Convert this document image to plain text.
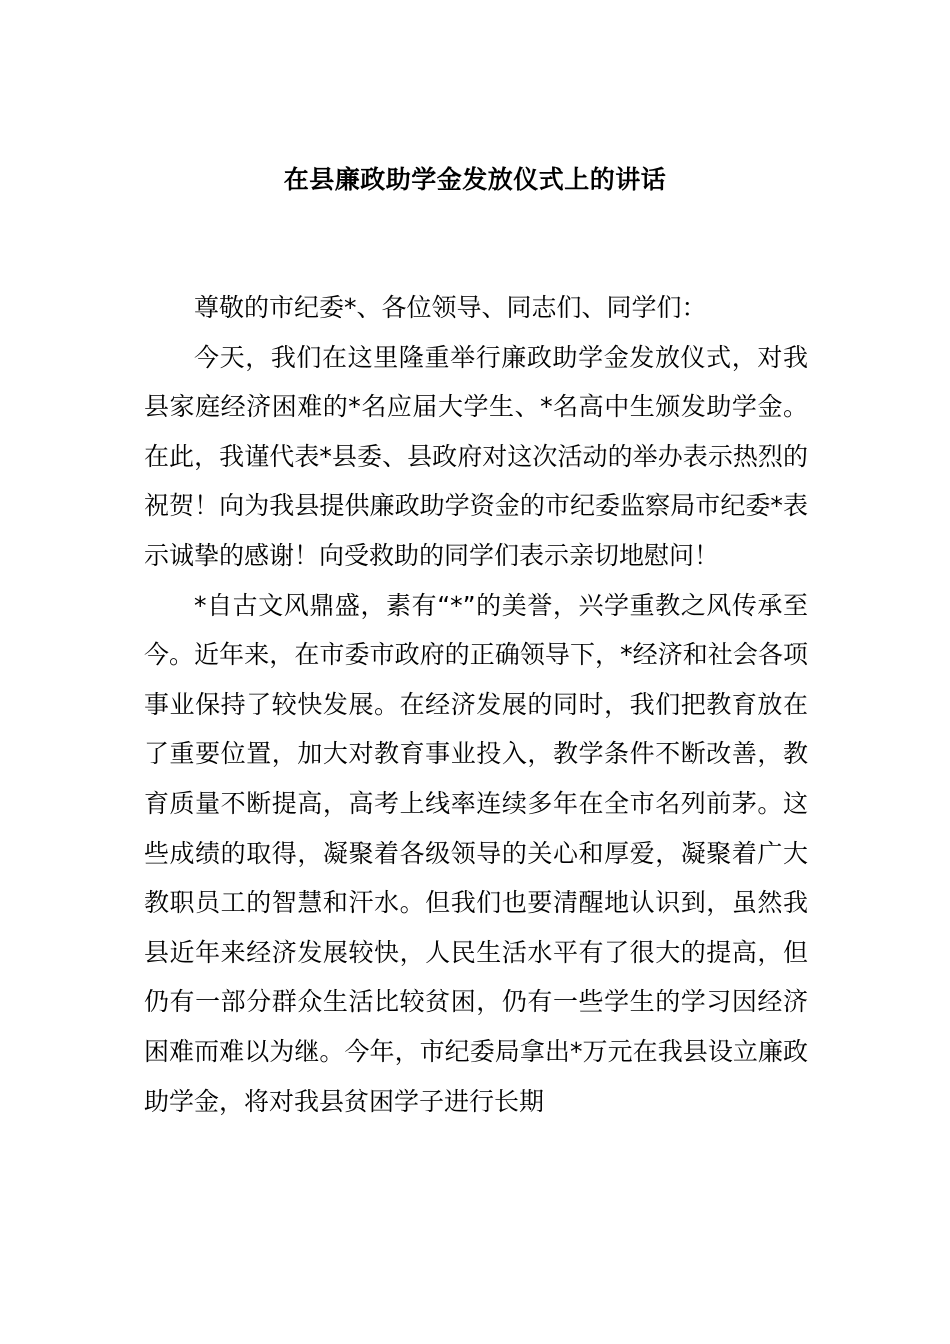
在县廉政助学金发放仪式上的讲话

尊敬的市纪委*、各位领导、同志们、同学们：

今天，我们在这里隆重举行廉政助学金发放仪式，对我县家庭经济困难的*名应届大学生、*名高中生颁发助学金。在此，我谨代表*县委、县政府对这次活动的举办表示热烈的祝贺！向为我县提供廉政助学资金的市纪委监察局市纪委*表示诚挚的感谢！向受救助的同学们表示亲切地慰问！

*自古文风鼎盛，素有“*”的美誉，兴学重教之风传承至今。近年来，在市委市政府的正确领导下，*经济和社会各项事业保持了较快发展。在经济发展的同时，我们把教育放在了重要位置，加大对教育事业投入，教学条件不断改善，教育质量不断提高，高考上线率连续多年在全市名列前茅。这些成绩的取得，凝聚着各级领导的关心和厚爱，凝聚着广大教职员工的智慧和汗水。但我们也要清醒地认识到，虽然我县近年来经济发展较快，人民生活水平有了很大的提高，但仍有一部分群众生活比较贫困，仍有一些学生的学习因经济困难而难以为继。今年，市纪委局拿出*万元在我县设立廉政助学金，将对我县贫困学子进行长期
